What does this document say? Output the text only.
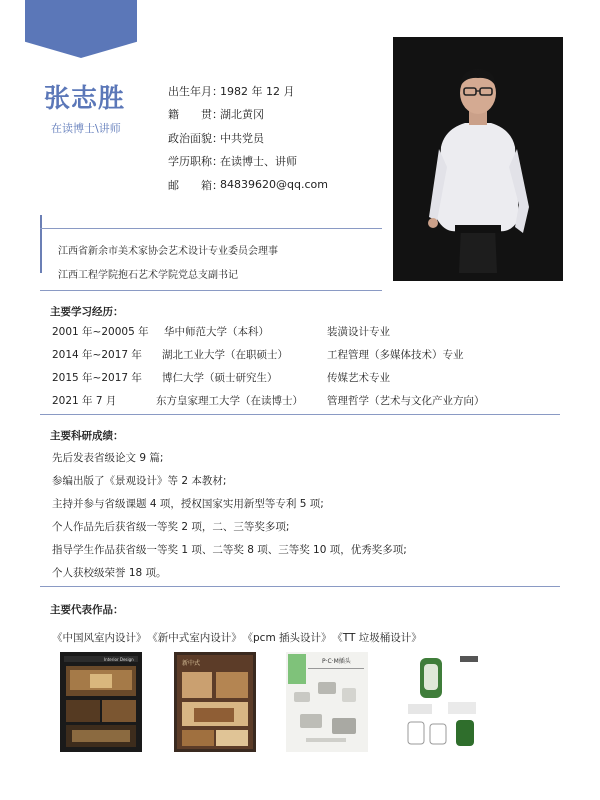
张志胜
在读博士\讲师
出生年月：
1982 年 12 月
籍　　贯：
湖北黄冈
政治面貌：
中共党员
学历职称：
在读博士、讲师
邮　　箱：
84839620@qq.com
江西省新余市美术家协会艺术设计专业委员会理事
江西工程学院抱石艺术学院党总支副书记
主要学习经历：
2001 年~20005 年 华中师范大学（本科）	装潢设计专业
2014 年~2017 年 湖北工业大学（在职硕士）	工程管理（多媒体技术）专业
2015 年~2017 年 博仁大学（硕士研究生）	传媒艺术专业
2021 年 7 月	东方皇家理工大学（在读博士） 管理哲学（艺术与文化产业方向）
主要科研成绩：
先后发表省级论文 9 篇;
参编出版了《景观设计》等 2 本教材;
主持并参与省级课题 4 项，授权国家实用新型等专利 5 项;
个人作品先后获省级一等奖 2 项，二、三等奖多项;
指导学生作品获省级一等奖 1 项、二等奖 8 项、三等奖 10 项，优秀奖多项;
个人获校级荣誉 18 项。
主要代表作品：
《中国风室内设计》 《新中式室内设计》 《pcm 插头设计》 《TT 垃圾桶设计》
Interior Design
新中式	P·C·M插头
